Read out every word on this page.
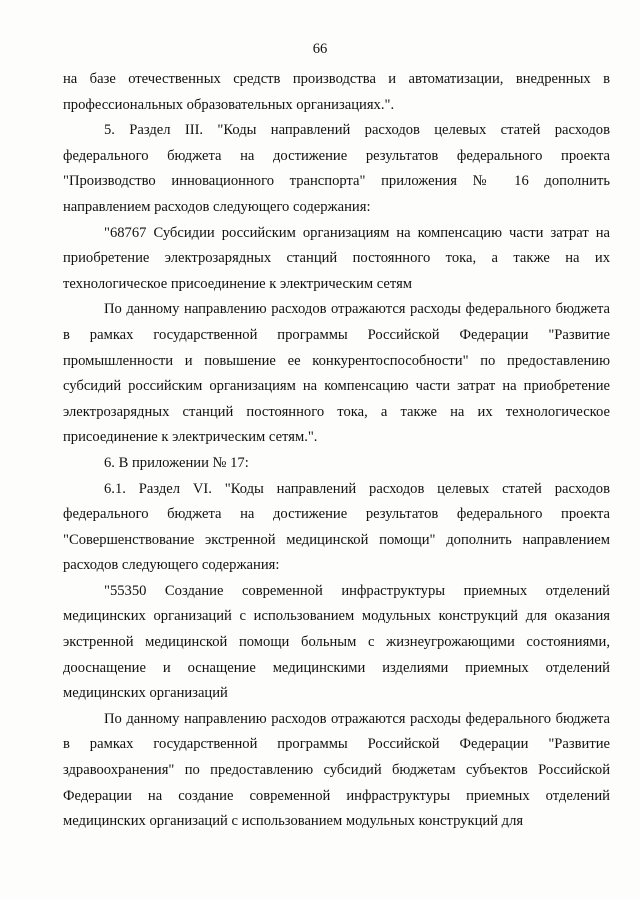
66

на базе отечественных средств производства и автоматизации, внедренных в профессиональных образовательных организациях.".

5. Раздел III. "Коды направлений расходов целевых статей расходов федерального бюджета на достижение результатов федерального проекта "Производство инновационного транспорта" приложения № 16 дополнить направлением расходов следующего содержания:

"68767 Субсидии российским организациям на компенсацию части затрат на приобретение электрозарядных станций постоянного тока, а также на их технологическое присоединение к электрическим сетям

По данному направлению расходов отражаются расходы федерального бюджета в рамках государственной программы Российской Федерации "Развитие промышленности и повышение ее конкурентоспособности" по предоставлению субсидий российским организациям на компенсацию части затрат на приобретение электрозарядных станций постоянного тока, а также на их технологическое присоединение к электрическим сетям.".

6. В приложении № 17:

6.1. Раздел VI. "Коды направлений расходов целевых статей расходов федерального бюджета на достижение результатов федерального проекта "Совершенствование экстренной медицинской помощи" дополнить направлением расходов следующего содержания:

"55350 Создание современной инфраструктуры приемных отделений медицинских организаций с использованием модульных конструкций для оказания экстренной медицинской помощи больным с жизнеугрожающими состояниями, дооснащение и оснащение медицинскими изделиями приемных отделений медицинских организаций

По данному направлению расходов отражаются расходы федерального бюджета в рамках государственной программы Российской Федерации "Развитие здравоохранения" по предоставлению субсидий бюджетам субъектов Российской Федерации на создание современной инфраструктуры приемных отделений медицинских организаций с использованием модульных конструкций для
